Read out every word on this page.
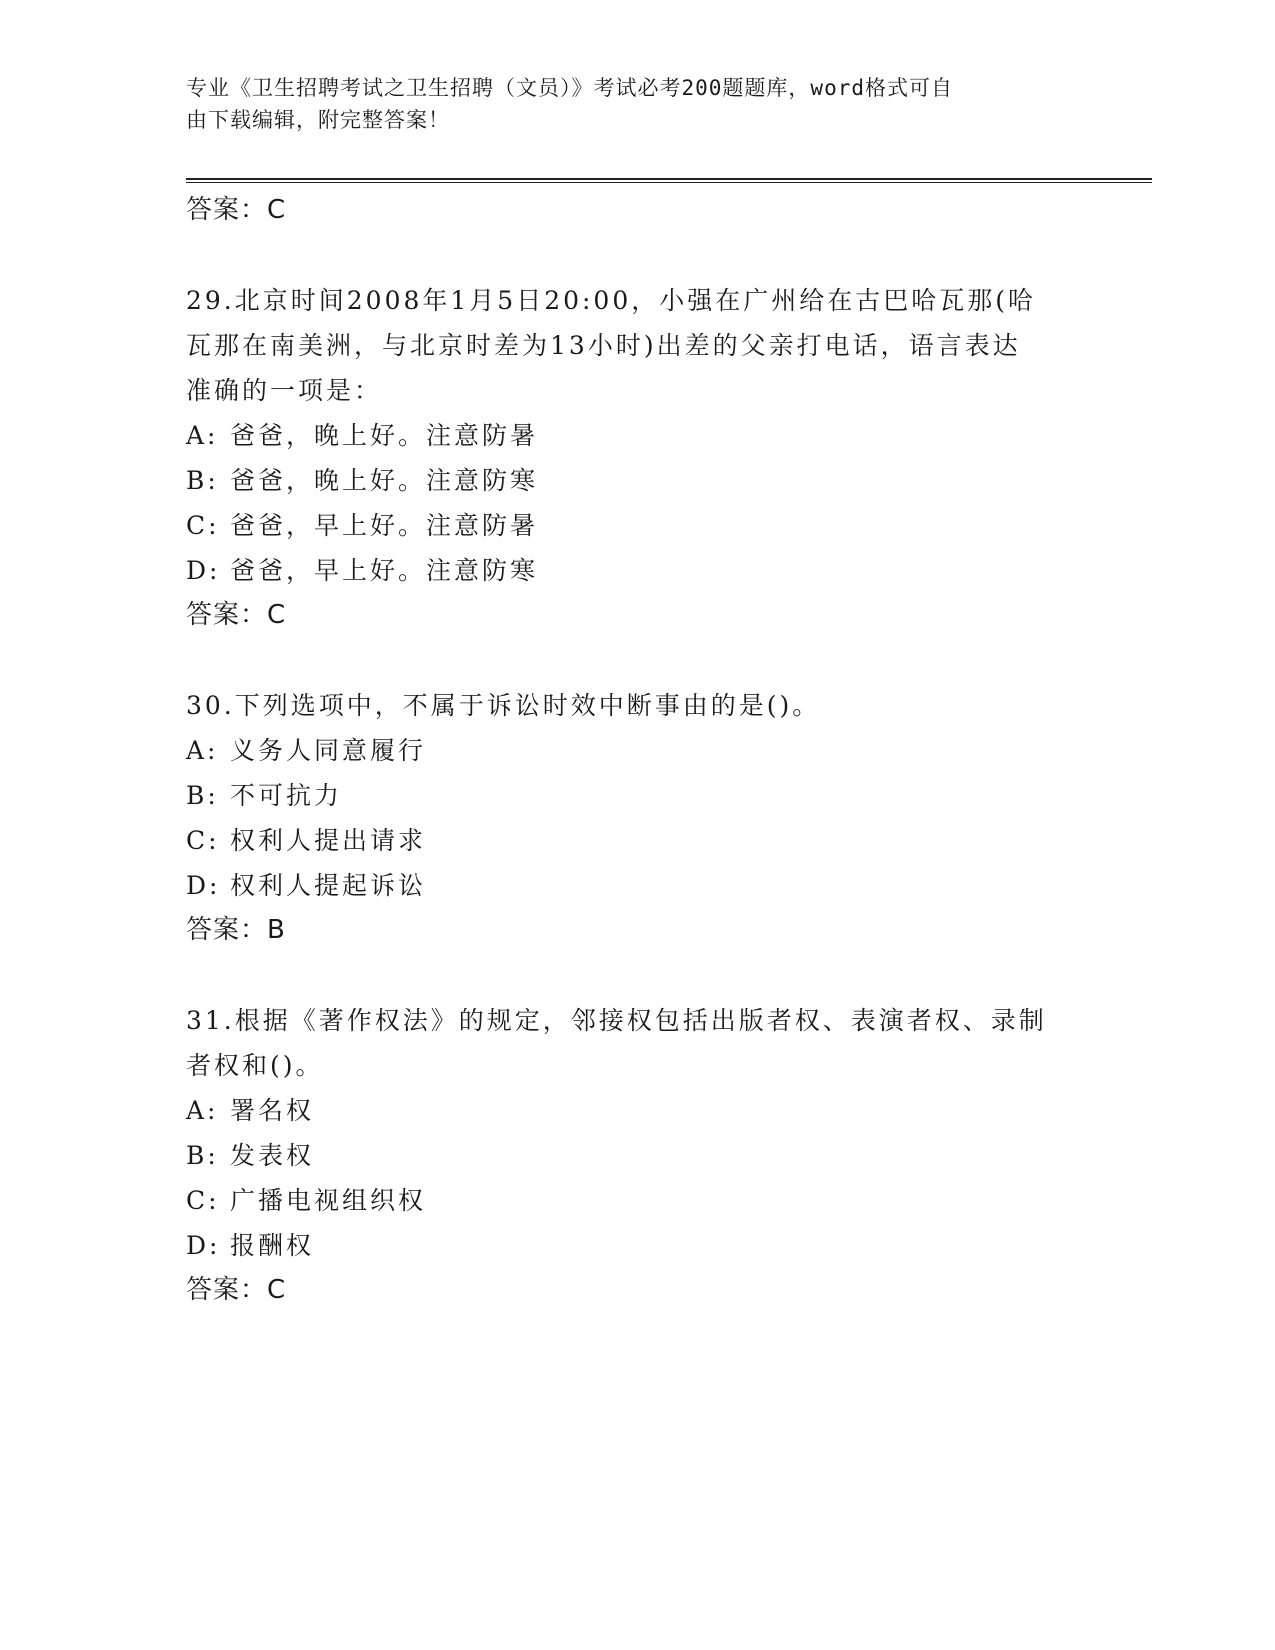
专业《卫生招聘考试之卫生招聘（文员）》考试必考200题题库，word格式可自
由下载编辑，附完整答案！
答案：C
29.北京时间2008年1月5日20:00，小强在广州给在古巴哈瓦那(哈
瓦那在南美洲，与北京时差为13小时)出差的父亲打电话，语言表达
准确的一项是：
A: 爸爸，晚上好。注意防暑
B: 爸爸，晚上好。注意防寒
C: 爸爸，早上好。注意防暑
D: 爸爸，早上好。注意防寒
答案：C
30.下列选项中，不属于诉讼时效中断事由的是()。
A: 义务人同意履行
B: 不可抗力
C: 权利人提出请求
D: 权利人提起诉讼
答案：B
31.根据《著作权法》的规定，邻接权包括出版者权、表演者权、录制
者权和()。
A: 署名权
B: 发表权
C: 广播电视组织权
D: 报酬权
答案：C
